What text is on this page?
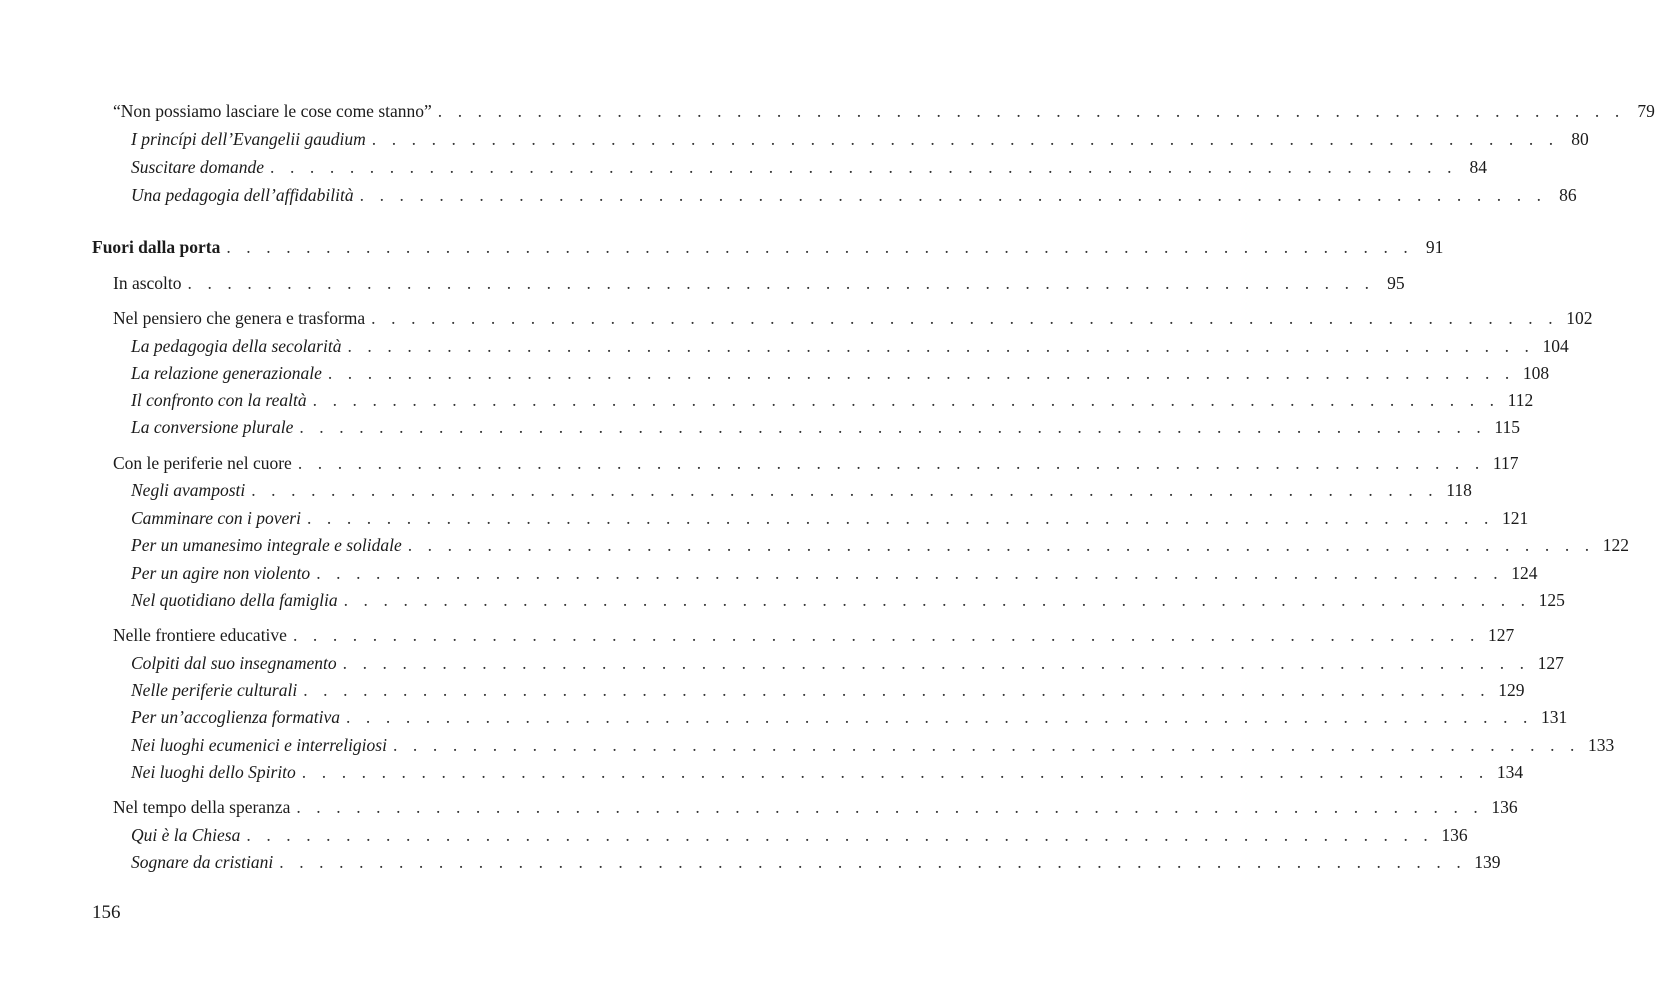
“Non possiamo lasciare le cose come stanno” . . . . . . . . . . . . . . . . . . . . . . . . . . . . . . . . . . . . . . . . . . . . . . . . . . . . . . . . . . . . 79
I princípi dell’Evangelii gaudium . . . . . . . . . . . . . . . . . . . . . . . . . . . . . . . . . . . . . . . . . . . . . . . . . . . . . . . . . . . . 80
Suscitare domande . . . . . . . . . . . . . . . . . . . . . . . . . . . . . . . . . . . . . . . . . . . . . . . . . . . . . . . . . . . . 84
Una pedagogia dell’affidabilità . . . . . . . . . . . . . . . . . . . . . . . . . . . . . . . . . . . . . . . . . . . . . . . . . . . . . . . . . . . . 86
Fuori dalla porta . . . . . . . . . . . . . . . . . . . . . . . . . . . . . . . . . . . . . . . . . . . . . . . . . . . . . . . . . . . . 91
In ascolto . . . . . . . . . . . . . . . . . . . . . . . . . . . . . . . . . . . . . . . . . . . . . . . . . . . . . . . . . . . . 95
Nel pensiero che genera e trasforma . . . . . . . . . . . . . . . . . . . . . . . . . . . . . . . . . . . . . . . . . . . . . . . . . . . . . . . . . . . . 102
La pedagogia della secolarità . . . . . . . . . . . . . . . . . . . . . . . . . . . . . . . . . . . . . . . . . . . . . . . . . . . . . . . . . . . . 104
La relazione generazionale . . . . . . . . . . . . . . . . . . . . . . . . . . . . . . . . . . . . . . . . . . . . . . . . . . . . . . . . . . . . 108
Il confronto con la realtà . . . . . . . . . . . . . . . . . . . . . . . . . . . . . . . . . . . . . . . . . . . . . . . . . . . . . . . . . . . . 112
La conversione plurale . . . . . . . . . . . . . . . . . . . . . . . . . . . . . . . . . . . . . . . . . . . . . . . . . . . . . . . . . . . . 115
Con le periferie nel cuore . . . . . . . . . . . . . . . . . . . . . . . . . . . . . . . . . . . . . . . . . . . . . . . . . . . . . . . . . . . . 117
Negli avamposti . . . . . . . . . . . . . . . . . . . . . . . . . . . . . . . . . . . . . . . . . . . . . . . . . . . . . . . . . . . . 118
Camminare con i poveri . . . . . . . . . . . . . . . . . . . . . . . . . . . . . . . . . . . . . . . . . . . . . . . . . . . . . . . . . . . . 121
Per un umanesimo integrale e solidale . . . . . . . . . . . . . . . . . . . . . . . . . . . . . . . . . . . . . . . . . . . . . . . . . . . . . . . . . . . . 122
Per un agire non violento . . . . . . . . . . . . . . . . . . . . . . . . . . . . . . . . . . . . . . . . . . . . . . . . . . . . . . . . . . . . 124
Nel quotidiano della famiglia . . . . . . . . . . . . . . . . . . . . . . . . . . . . . . . . . . . . . . . . . . . . . . . . . . . . . . . . . . . . 125
Nelle frontiere educative . . . . . . . . . . . . . . . . . . . . . . . . . . . . . . . . . . . . . . . . . . . . . . . . . . . . . . . . . . . . 127
Colpiti dal suo insegnamento . . . . . . . . . . . . . . . . . . . . . . . . . . . . . . . . . . . . . . . . . . . . . . . . . . . . . . . . . . . . 127
Nelle periferie culturali . . . . . . . . . . . . . . . . . . . . . . . . . . . . . . . . . . . . . . . . . . . . . . . . . . . . . . . . . . . . 129
Per un’accoglienza formativa . . . . . . . . . . . . . . . . . . . . . . . . . . . . . . . . . . . . . . . . . . . . . . . . . . . . . . . . . . . . 131
Nei luoghi ecumenici e interreligiosi . . . . . . . . . . . . . . . . . . . . . . . . . . . . . . . . . . . . . . . . . . . . . . . . . . . . . . . . . . . . 133
Nei luoghi dello Spirito . . . . . . . . . . . . . . . . . . . . . . . . . . . . . . . . . . . . . . . . . . . . . . . . . . . . . . . . . . . . 134
Nel tempo della speranza . . . . . . . . . . . . . . . . . . . . . . . . . . . . . . . . . . . . . . . . . . . . . . . . . . . . . . . . . . . . 136
Qui è la Chiesa . . . . . . . . . . . . . . . . . . . . . . . . . . . . . . . . . . . . . . . . . . . . . . . . . . . . . . . . . . . . 136
Sognare da cristiani . . . . . . . . . . . . . . . . . . . . . . . . . . . . . . . . . . . . . . . . . . . . . . . . . . . . . . . . . . . . 139
156
